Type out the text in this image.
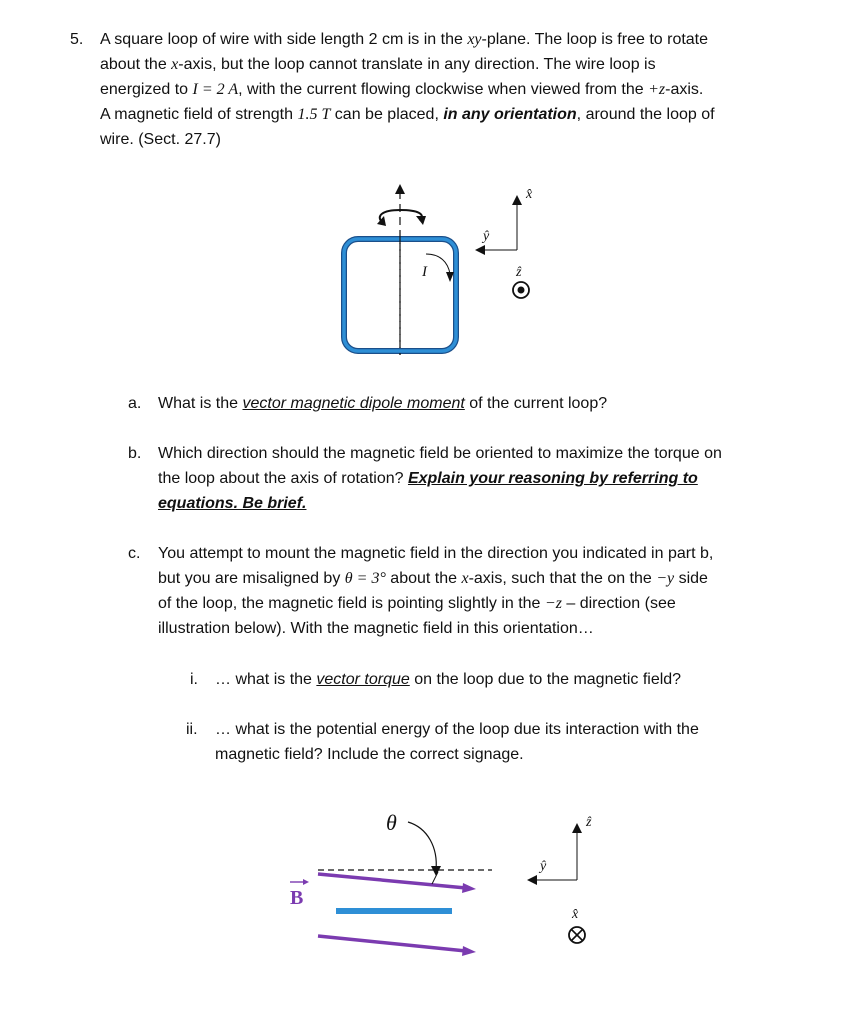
5. A square loop of wire with side length 2 cm is in the xy-plane. The loop is free to rotate
about the x-axis, but the loop cannot translate in any direction. The wire loop is
energized to I = 2 A, with the current flowing clockwise when viewed from the +z-axis.
A magnetic field of strength 1.5 T can be placed, in any orientation, around the loop of
wire. (Sect. 27.7)
I
x̂
ŷ
ẑ
a. What is the vector magnetic dipole moment of the current loop?
b. Which direction should the magnetic field be oriented to maximize the torque on
the loop about the axis of rotation? Explain your reasoning by referring to
equations. Be brief.
c. You attempt to mount the magnetic field in the direction you indicated in part b,
but you are misaligned by θ = 3° about the x-axis, such that the on the −y side
of the loop, the magnetic field is pointing slightly in the −z – direction (see
illustration below). With the magnetic field in this orientation…
i. … what is the vector torque on the loop due to the magnetic field?
ii. … what is the potential energy of the loop due its interaction with the
magnetic field? Include the correct signage.
θ
B
ẑ
ŷ
x̂
